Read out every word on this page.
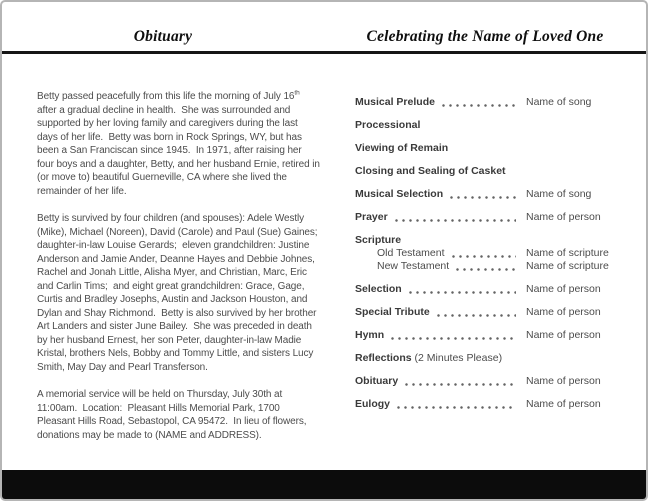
Obituary	Celebrating the Name of Loved One

Betty passed peacefully from this life the morning of July 16th after a gradual decline in health.  She was surrounded and supported by her loving family and caregivers during the last days of her life.  Betty was born in Rock Springs, WY, but has been a San Franciscan since 1945.  In 1971, after raising her four boys and a daughter, Betty, and her husband Ernie, retired in (or move to) beautiful Guerneville, CA where she lived the remainder of her life.

Betty is survived by four children (and spouses): Adele Westly (Mike), Michael (Noreen), David (Carole) and Paul (Sue) Gaines;  daughter-in-law Louise Gerards;  eleven grandchildren: Justine Anderson and Jamie Ander, Deanne Hayes and Debbie Johnes, Rachel and Jonah Little, Alisha Myer, and Christian, Marc, Eric and Carlin Tims;  and eight great grandchildren: Grace, Gage, Curtis and Bradley Josephs, Austin and Jackson Houston, and Dylan and Shay Richmond.  Betty is also survived by her brother Art Landers and sister June Bailey.  She was preceded in death by her husband Ernest, her son Peter, daughter-in-law Madie Kristal, brothers Nels, Bobby and Tommy Little, and sisters Lucy Smith, May Day and Pearl Transferson.

A memorial service will be held on Thursday, July 30th at 11:00am.  Location:  Pleasant Hills Memorial Park, 1700 Pleasant Hills Road, Sebastopol, CA 95472.  In lieu of flowers, donations may be made to (NAME and ADDRESS).

Musical Prelude	Name of song
Processional
Viewing of Remain
Closing and Sealing of Casket
Musical Selection	Name of song
Prayer	Name of person
Scripture
Old Testament	Name of scripture
New Testament	Name of scripture
Selection	Name of person
Special Tribute	Name of person
Hymn	Name of person
Reflections (2 Minutes Please)
Obituary	Name of person
Eulogy	Name of person
